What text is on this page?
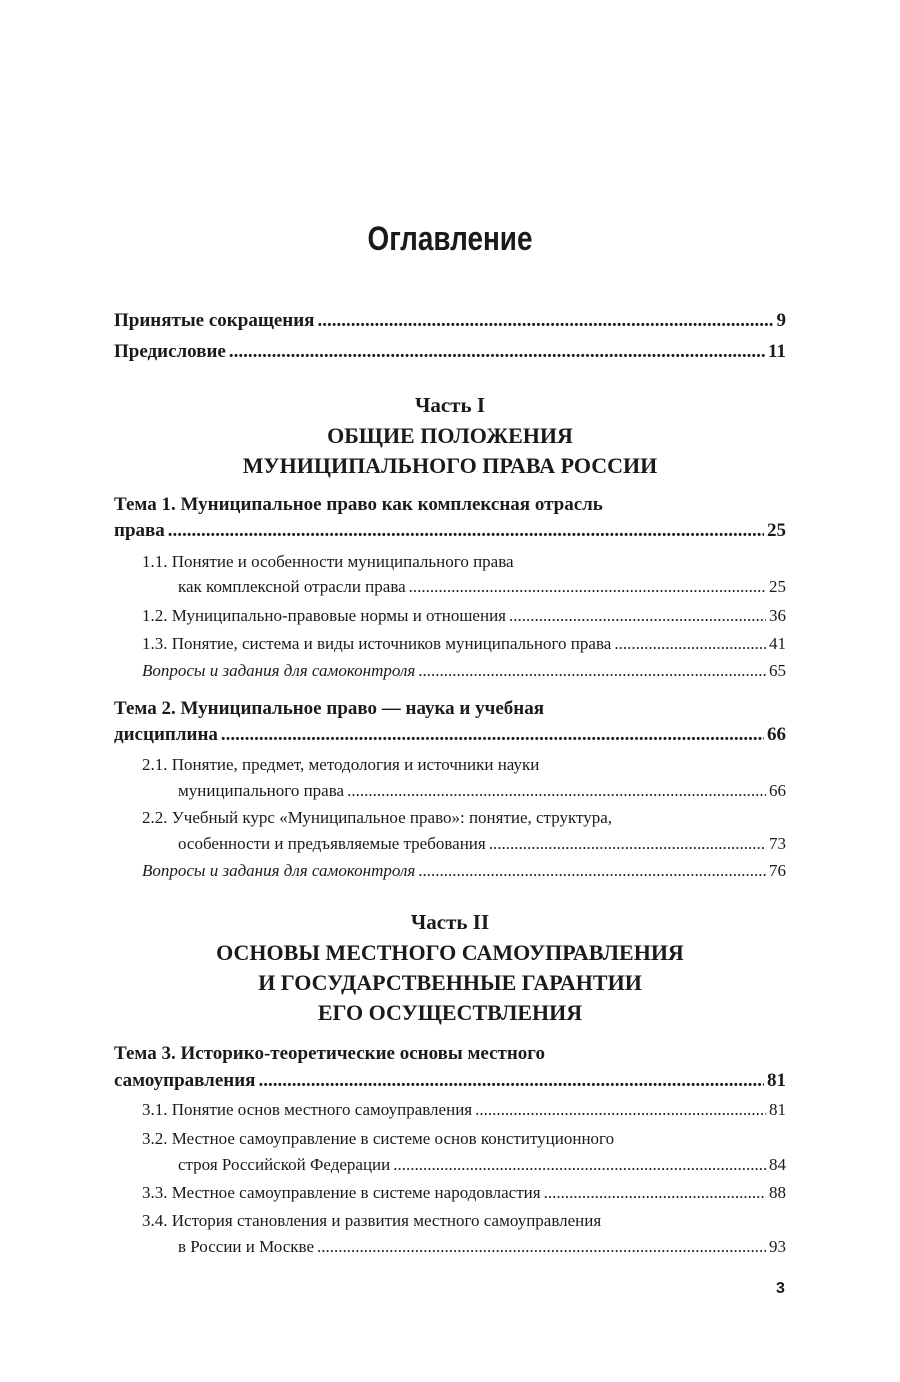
Оглавление
Принятые сокращения .....	9
Предисловие .....	11
Тема 1. Муниципальное право как комплексная отрасль
права .....	25
1.1. Понятие и особенности муниципального права
как комплексной отрасли права .....	25
1.2. Муниципально-правовые нормы и отношения .....	36
1.3. Понятие, система и виды источников муниципального права .....	41
Вопросы и задания для самоконтроля .....	65
Тема 2. Муниципальное право — наука и учебная
дисциплина .....	66
2.1. Понятие, предмет, методология и источники науки
муниципального права .....	66
2.2. Учебный курс «Муниципальное право»: понятие, структура,
особенности и предъявляемые требования .....	73
Вопросы и задания для самоконтроля .....	76
Тема 3. Историко-теоретические основы местного
самоуправления .....	81
3.1. Понятие основ местного самоуправления .....	81
3.2. Местное самоуправление в системе основ конституционного
строя Российской Федерации .....	84
3.3. Местное самоуправление в системе народовластия .....	88
3.4. История становления и развития местного самоуправления
в России и Москве .....	93
Часть I
ОБЩИЕ ПОЛОЖЕНИЯ
МУНИЦИПАЛЬНОГО ПРАВА РОССИИ
Часть II
ОСНОВЫ МЕСТНОГО САМОУПРАВЛЕНИЯ
И ГОСУДАРСТВЕННЫЕ ГАРАНТИИ
ЕГО ОСУЩЕСТВЛЕНИЯ
3
